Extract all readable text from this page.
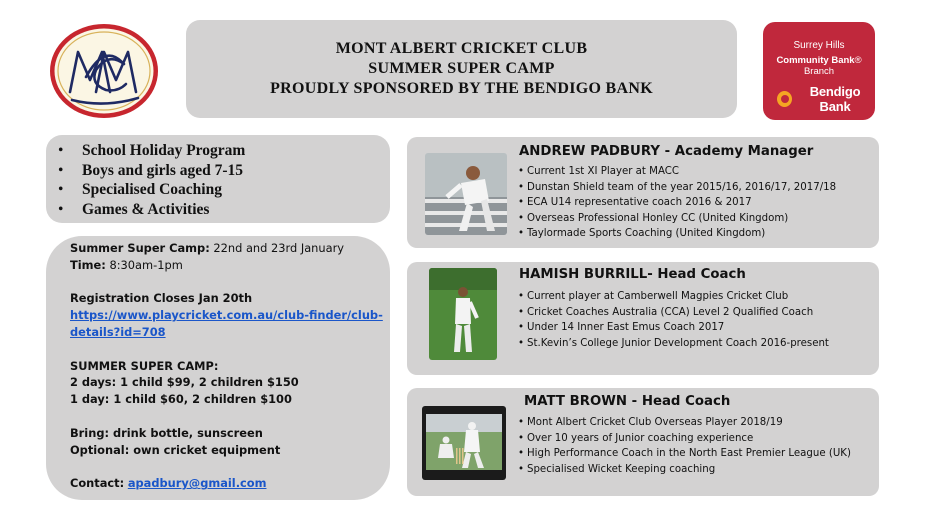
MONT ALBERT CRICKET CLUB
SUMMER SUPER CAMP
PROUDLY SPONSORED BY THE BENDIGO BANK
Surrey Hills
Community Bank® Branch
Bendigo Bank
• School Holiday Program
• Boys and girls aged 7-15
• Specialised Coaching
• Games & Activities
Summer Super Camp: 22nd and 23rd January
Time: 8:30am-1pm
Registration Closes Jan 20th
https://www.playcricket.com.au/club-finder/club-
details?id=708
SUMMER SUPER CAMP:
2 days: 1 child $99, 2 children $150
1 day: 1 child $60, 2 children $100
Bring: drink bottle, sunscreen
Optional: own cricket equipment
Contact: apadbury@gmail.com
ANDREW PADBURY - Academy Manager
• Current 1st XI Player at MACC
• Dunstan Shield team of the year 2015/16, 2016/17, 2017/18
• ECA U14 representative coach 2016 & 2017
• Overseas Professional Honley CC (United Kingdom)
• Taylormade Sports Coaching (United Kingdom)
HAMISH BURRILL- Head Coach
• Current player at Camberwell Magpies Cricket Club
• Cricket Coaches Australia (CCA) Level 2 Qualified Coach
• Under 14 Inner East Emus Coach 2017
• St.Kevin’s College Junior Development Coach 2016-present
MATT BROWN - Head Coach
• Mont Albert Cricket Club Overseas Player 2018/19
• Over 10 years of Junior coaching experience
• High Performance Coach in the North East Premier League (UK)
• Specialised Wicket Keeping coaching
